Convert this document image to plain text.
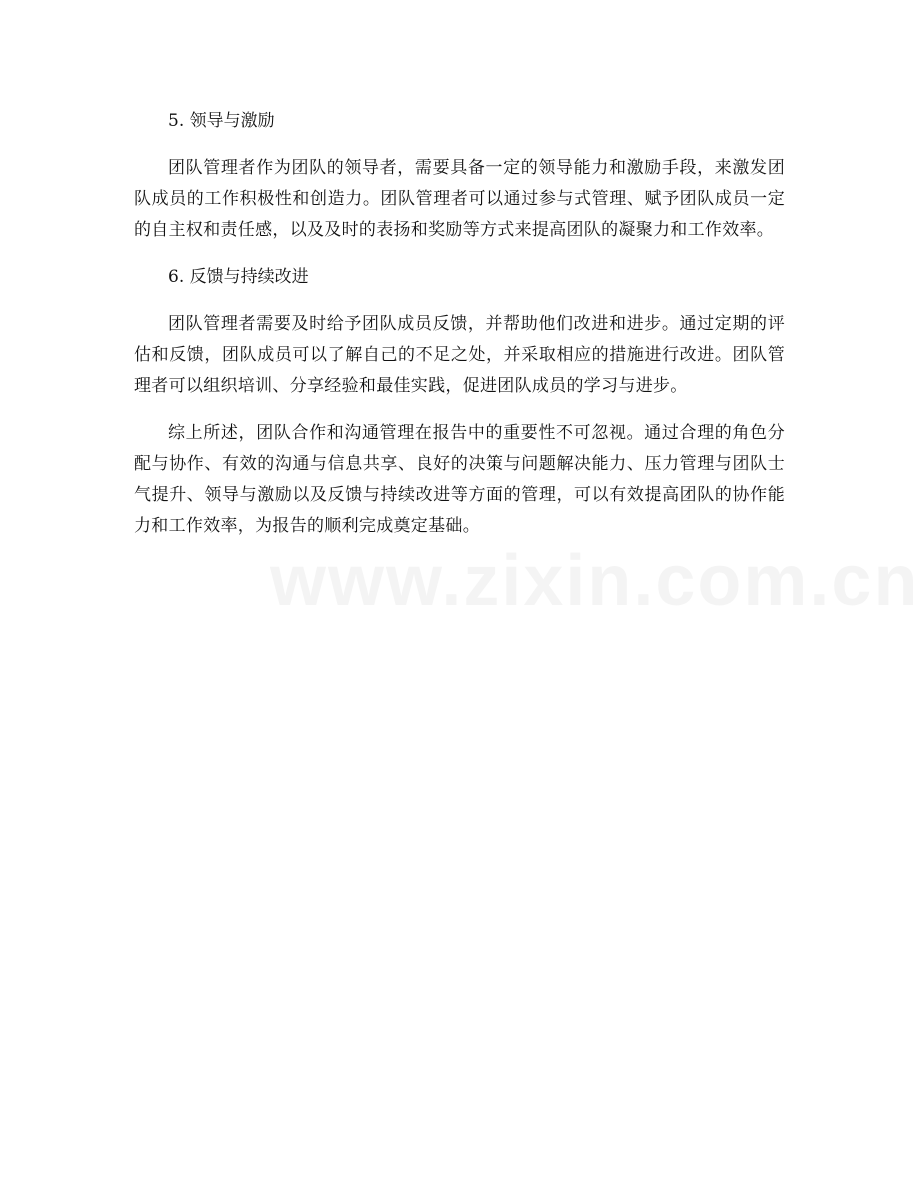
5. 领导与激励

团队管理者作为团队的领导者，需要具备一定的领导能力和激励手段，来激发团队成员的工作积极性和创造力。团队管理者可以通过参与式管理、赋予团队成员一定的自主权和责任感，以及及时的表扬和奖励等方式来提高团队的凝聚力和工作效率。

6. 反馈与持续改进

团队管理者需要及时给予团队成员反馈，并帮助他们改进和进步。通过定期的评估和反馈，团队成员可以了解自己的不足之处，并采取相应的措施进行改进。团队管理者可以组织培训、分享经验和最佳实践，促进团队成员的学习与进步。

综上所述，团队合作和沟通管理在报告中的重要性不可忽视。通过合理的角色分配与协作、有效的沟通与信息共享、良好的决策与问题解决能力、压力管理与团队士气提升、领导与激励以及反馈与持续改进等方面的管理，可以有效提高团队的协作能力和工作效率，为报告的顺利完成奠定基础。
